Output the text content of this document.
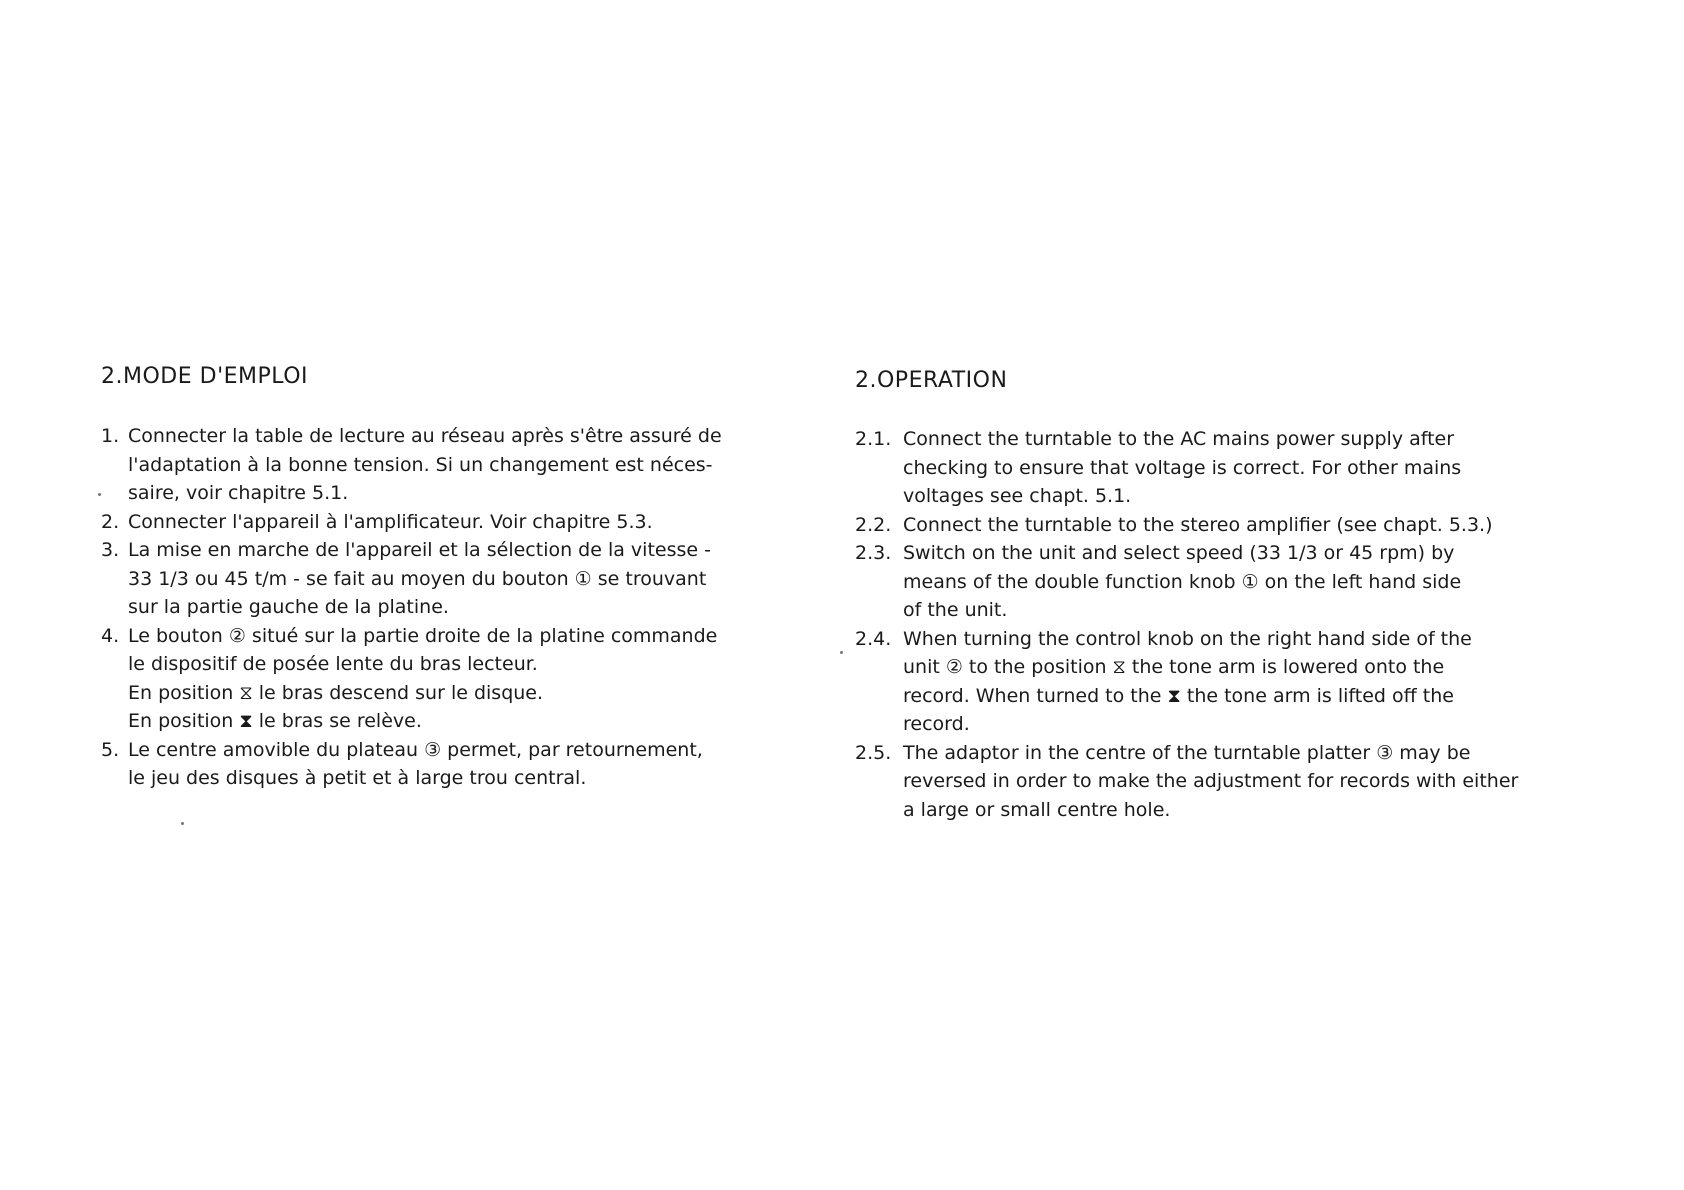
2.MODE D'EMPLOI
1. Connecter la table de lecture au réseau après s'être assuré de
l'adaptation à la bonne tension. Si un changement est néces-
saire, voir chapitre 5.1.
2. Connecter l'appareil à l'amplificateur. Voir chapitre 5.3.
3. La mise en marche de l'appareil et la sélection de la vitesse -
33 1/3 ou 45 t/m - se fait au moyen du bouton ① se trouvant
sur la partie gauche de la platine.
4. Le bouton ② situé sur la partie droite de la platine commande
le dispositif de posée lente du bras lecteur.
En position ⧖ le bras descend sur le disque.
En position ⧗ le bras se relève.
5. Le centre amovible du plateau ③ permet, par retournement,
le jeu des disques à petit et à large trou central.
2.OPERATION
2.1. Connect the turntable to the AC mains power supply after
checking to ensure that voltage is correct. For other mains
voltages see chapt. 5.1.
2.2. Connect the turntable to the stereo amplifier (see chapt. 5.3.)
2.3. Switch on the unit and select speed (33 1/3 or 45 rpm) by
means of the double function knob ① on the left hand side
of the unit.
2.4. When turning the control knob on the right hand side of the
unit ② to the position ⧖ the tone arm is lowered onto the
record. When turned to the ⧗ the tone arm is lifted off the
record.
2.5. The adaptor in the centre of the turntable platter ③ may be
reversed in order to make the adjustment for records with either
a large or small centre hole.
